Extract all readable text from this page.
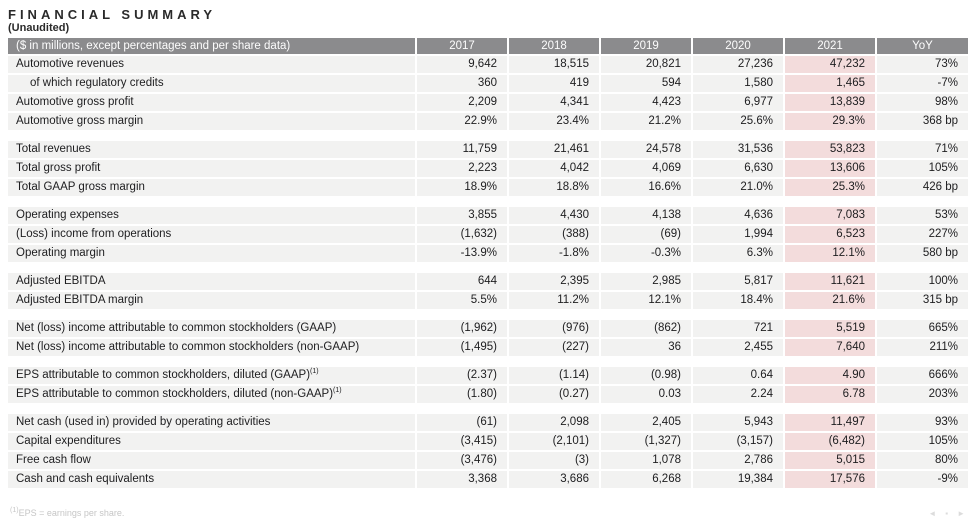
FINANCIAL SUMMARY
(Unaudited)
($ in millions, except percentages and per share data)	2017	2018	2019	2020	2021	YoY
Automotive revenues	9,642	18,515	20,821	27,236	47,232	73%
of which regulatory credits	360	419	594	1,580	1,465	-7%
Automotive gross profit	2,209	4,341	4,423	6,977	13,839	98%
Automotive gross margin	22.9%	23.4%	21.2%	25.6%	29.3%	368 bp
Total revenues	11,759	21,461	24,578	31,536	53,823	71%
Total gross profit	2,223	4,042	4,069	6,630	13,606	105%
Total GAAP gross margin	18.9%	18.8%	16.6%	21.0%	25.3%	426 bp
Operating expenses	3,855	4,430	4,138	4,636	7,083	53%
(Loss) income from operations	(1,632)	(388)	(69)	1,994	6,523	227%
Operating margin	-13.9%	-1.8%	-0.3%	6.3%	12.1%	580 bp
Adjusted EBITDA	644	2,395	2,985	5,817	11,621	100%
Adjusted EBITDA margin	5.5%	11.2%	12.1%	18.4%	21.6%	315 bp
Net (loss) income attributable to common stockholders (GAAP)	(1,962)	(976)	(862)	721	5,519	665%
Net (loss) income attributable to common stockholders (non-GAAP)	(1,495)	(227)	36	2,455	7,640	211%
EPS attributable to common stockholders, diluted (GAAP)$^{(1)}$	(2.37)	(1.14)	(0.98)	0.64	4.90	666%
EPS attributable to common stockholders, diluted (non-GAAP)$^{(1)}$	(1.80)	(0.27)	0.03	2.24	6.78	203%
Net cash (used in) provided by operating activities	(61)	2,098	2,405	5,943	11,497	93%
Capital expenditures	(3,415)	(2,101)	(1,327)	(3,157)	(6,482)	105%
Free cash flow	(3,476)	(3)	1,078	2,786	5,015	80%
Cash and cash equivalents	3,368	3,686	6,268	19,384	17,576	-9%
$^{(1)}$EPS = earnings per share.	◄ ▪ ►
